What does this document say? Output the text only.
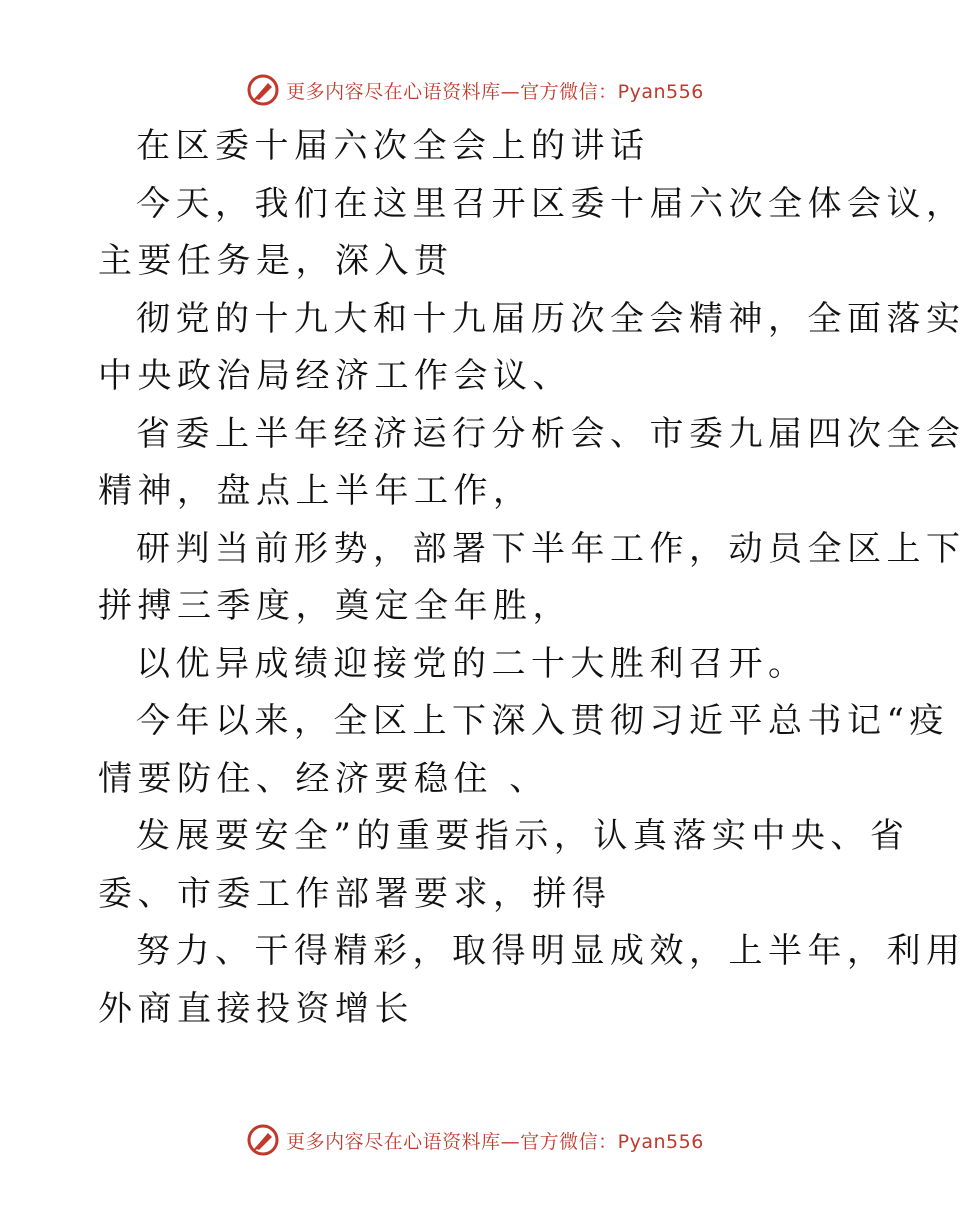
更多内容尽在心语资料库—官方微信：Pyan556
在区委十届六次全会上的讲话
今天，我们在这里召开区委十届六次全体会议，
主要任务是，深入贯
彻党的十九大和十九届历次全会精神，全面落实
中央政治局经济工作会议、
省委上半年经济运行分析会、市委九届四次全会
精神，盘点上半年工作，
研判当前形势，部署下半年工作，动员全区上下
拼搏三季度，奠定全年胜，
以优异成绩迎接党的二十大胜利召开。
今年以来，全区上下深入贯彻习近平总书记“疫
情要防住、经济要稳住 、
发展要安全”的重要指示，认真落实中央、省
委、市委工作部署要求，拼得
努力、干得精彩，取得明显成效，上半年，利用
外商直接投资增长
更多内容尽在心语资料库—官方微信：Pyan556
